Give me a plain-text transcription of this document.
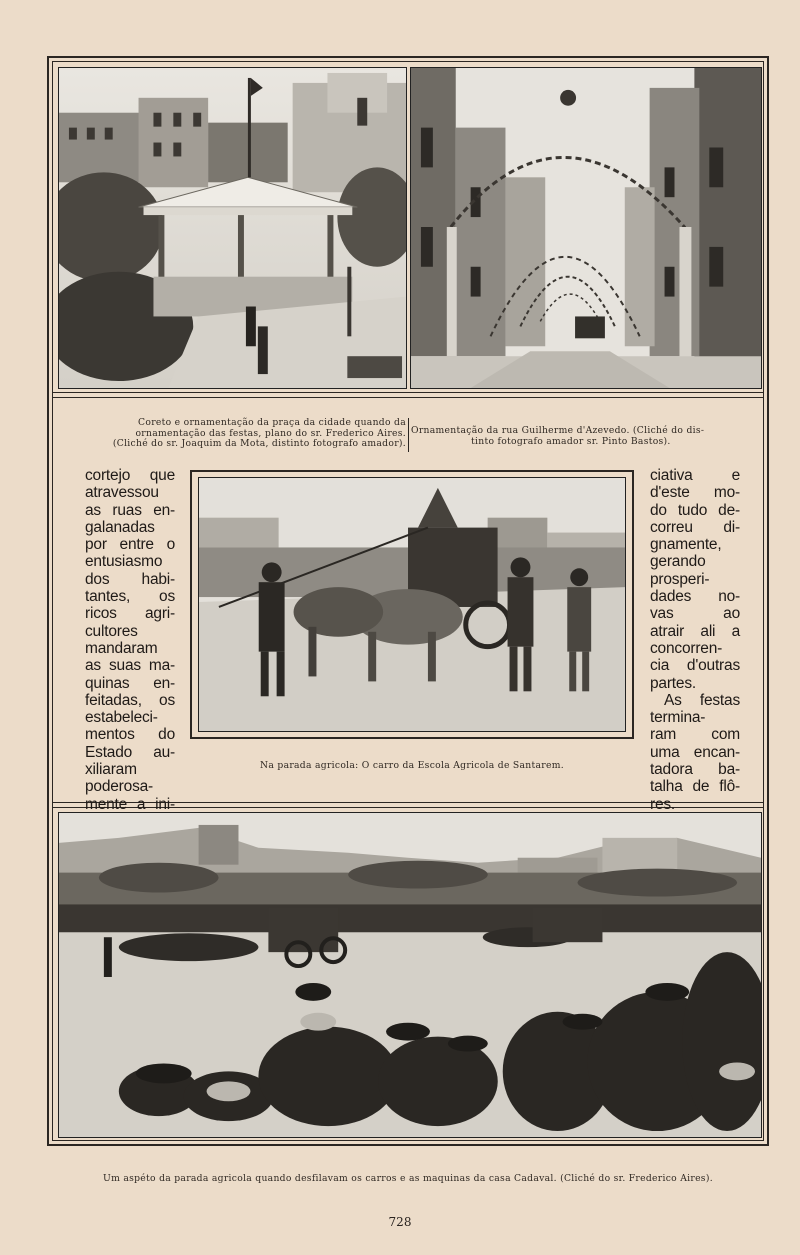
Coreto e ornamentação da praça da cidade quando da
ornamentação das festas, plano do sr. Frederico Aires.
(Cliché do sr. Joaquim da Mota, distinto fotografo amador).
Ornamentação da rua Guilherme d'Azevedo. (Cliché do dis-
tinto fotografo amador sr. Pinto Bastos).
cortejo que
atravessou
as ruas en-
galanadas
por entre o
entusiasmo
dos habi-
tantes, os
ricos agri-
cultores
mandaram
as suas ma-
quinas en-
feitadas, os
estabeleci-
mentos do
Estado au-
xiliaram
poderosa-
mente a ini-
Na parada agricola: O carro da Escola Agricola de Santarem.
ciativa e
d'este mo-
do tudo de-
correu di-
gnamente,
gerando
prosperi-
dades no-
vas ao
atrair ali a
concorren-
cia d'outras
partes.
As festas
termina-
ram com
uma encan-
tadora ba-
talha de flô-
res.
Um aspéto da parada agricola quando desfilavam os carros e as maquinas da casa Cadaval. (Cliché do sr. Frederico Aires).
728
